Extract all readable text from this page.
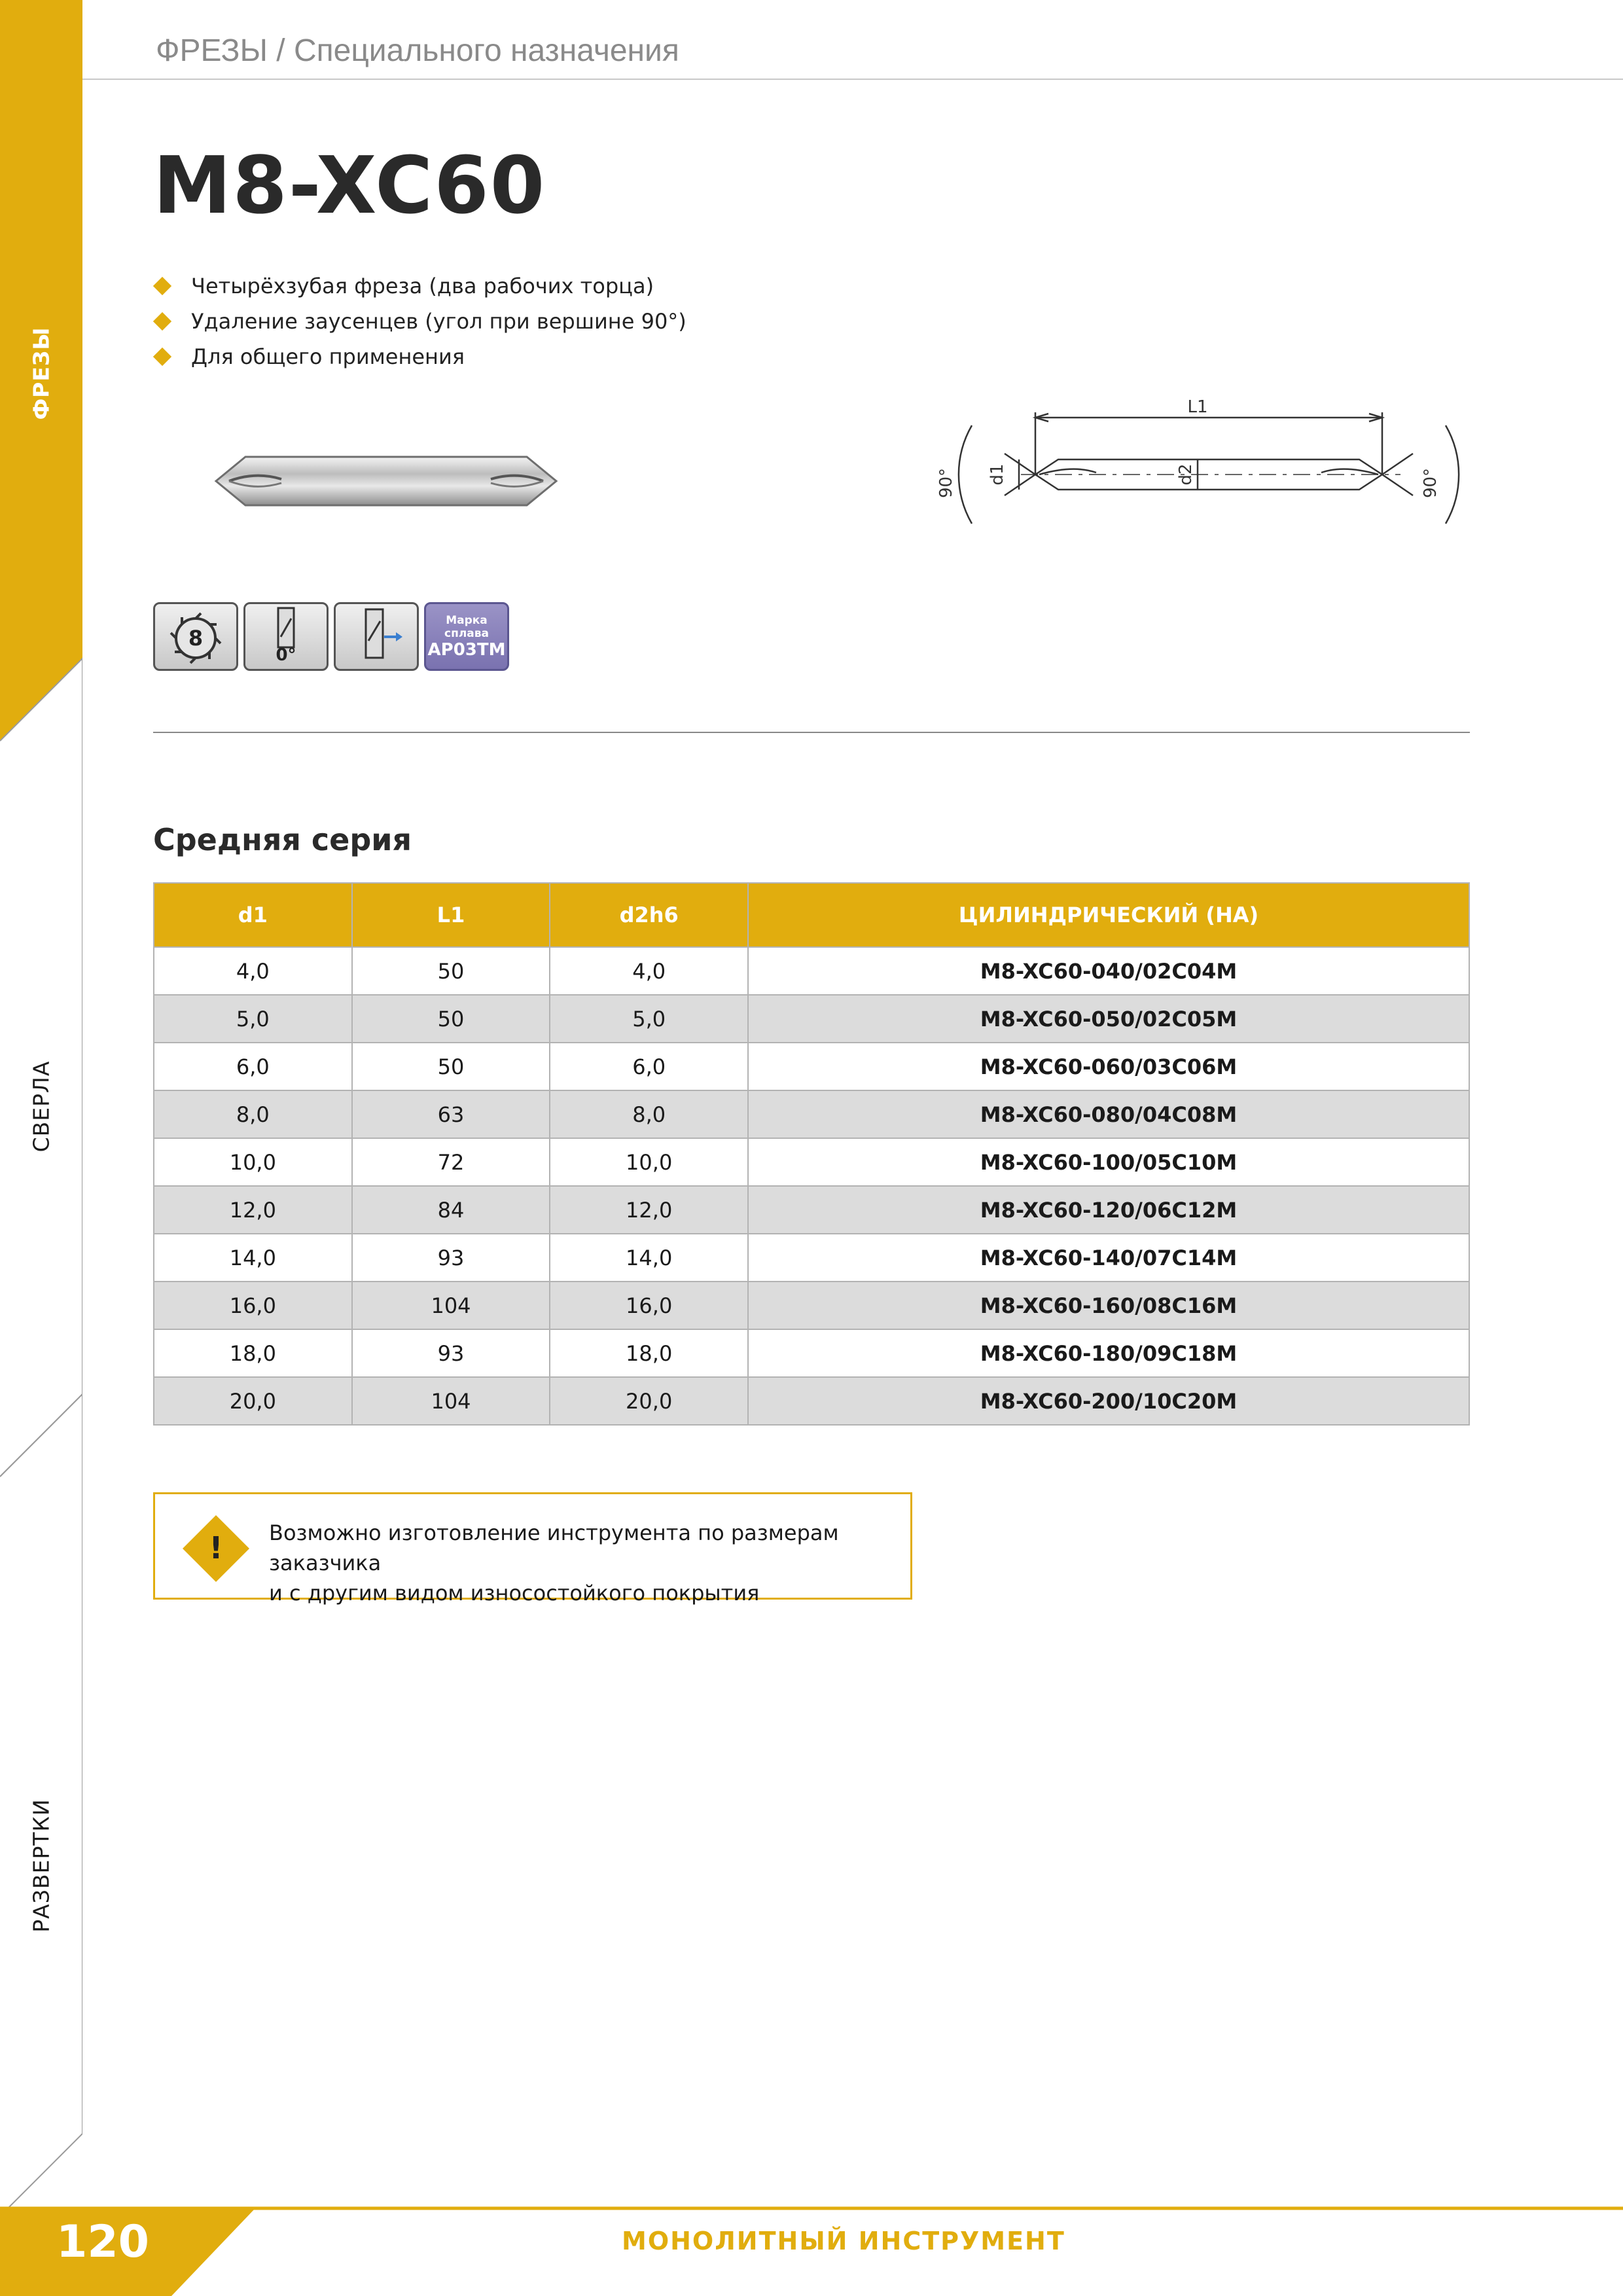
ФРЕЗЫ
СВЕРЛА
РАЗВЕРТКИ
ФРЕЗЫ / Специального назначения
M8-XC60
Четырёхзубая фреза (два рабочих торца)
Удаление заусенцев (угол при вершине 90°)
Для общего применения
L1
d1	d2
90°	90°
8
0°
Марка
сплава
AP03TM
Средняя серия
d1	L1	d2h6	ЦИЛИНДРИЧЕСКИЙ (HA)
4,0	50	4,0	M8-XC60-040/02C04M
5,0	50	5,0	M8-XC60-050/02C05M
6,0	50	6,0	M8-XC60-060/03C06M
8,0	63	8,0	M8-XC60-080/04C08M
10,0	72	10,0	M8-XC60-100/05C10M
12,0	84	12,0	M8-XC60-120/06C12M
14,0	93	14,0	M8-XC60-140/07C14M
16,0	104	16,0	M8-XC60-160/08C16M
18,0	93	18,0	M8-XC60-180/09C18M
20,0	104	20,0	M8-XC60-200/10C20M
! Возможно изготовление инструмента по размерам заказчика
и с другим видом износостойкого покрытия
120	МОНОЛИТНЫЙ ИНСТРУМЕНТ
